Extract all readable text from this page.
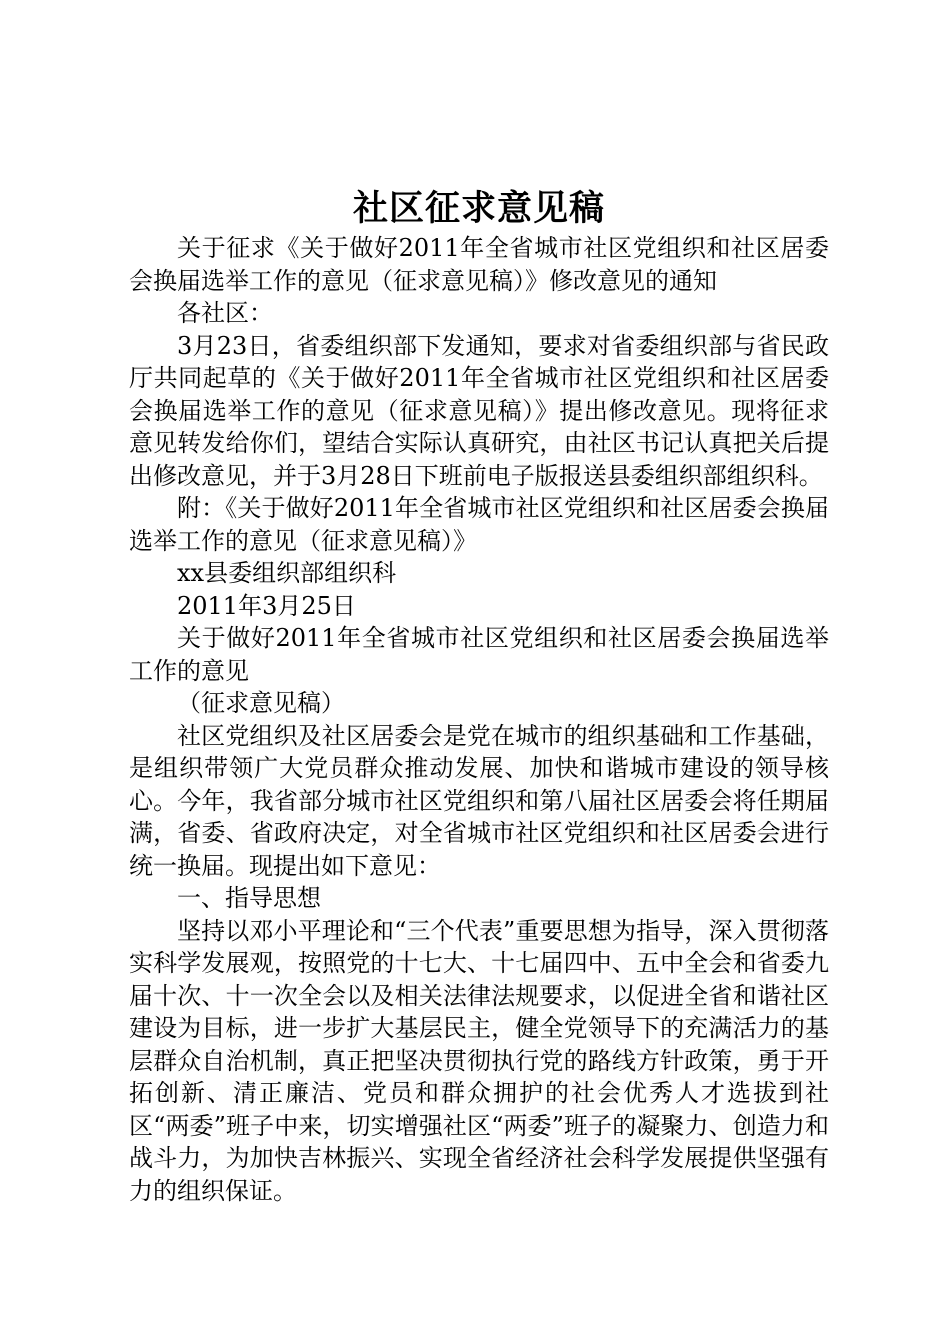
社区征求意见稿

关于征求《关于做好2011年全省城市社区党组织和社区居委会换届选举工作的意见（征求意见稿）》修改意见的通知

各社区：

3月23日，省委组织部下发通知，要求对省委组织部与省民政厅共同起草的《关于做好2011年全省城市社区党组织和社区居委会换届选举工作的意见（征求意见稿）》提出修改意见。现将征求意见转发给你们，望结合实际认真研究，由社区书记认真把关后提出修改意见，并于3月28日下班前电子版报送县委组织部组织科。

附：《关于做好2011年全省城市社区党组织和社区居委会换届选举工作的意见（征求意见稿）》

xx县委组织部组织科

2011年3月25日

关于做好2011年全省城市社区党组织和社区居委会换届选举工作的意见

（征求意见稿）

社区党组织及社区居委会是党在城市的组织基础和工作基础，是组织带领广大党员群众推动发展、加快和谐城市建设的领导核心。今年，我省部分城市社区党组织和第八届社区居委会将任期届满，省委、省政府决定，对全省城市社区党组织和社区居委会进行统一换届。现提出如下意见：

一、指导思想

坚持以邓小平理论和“三个代表”重要思想为指导，深入贯彻落实科学发展观，按照党的十七大、十七届四中、五中全会和省委九届十次、十一次全会以及相关法律法规要求，以促进全省和谐社区建设为目标，进一步扩大基层民主，健全党领导下的充满活力的基层群众自治机制，真正把坚决贯彻执行党的路线方针政策，勇于开拓创新、清正廉洁、党员和群众拥护的社会优秀人才选拔到社区“两委”班子中来，切实增强社区“两委”班子的凝聚力、创造力和战斗力，为加快吉林振兴、实现全省经济社会科学发展提供坚强有力的组织保证。
